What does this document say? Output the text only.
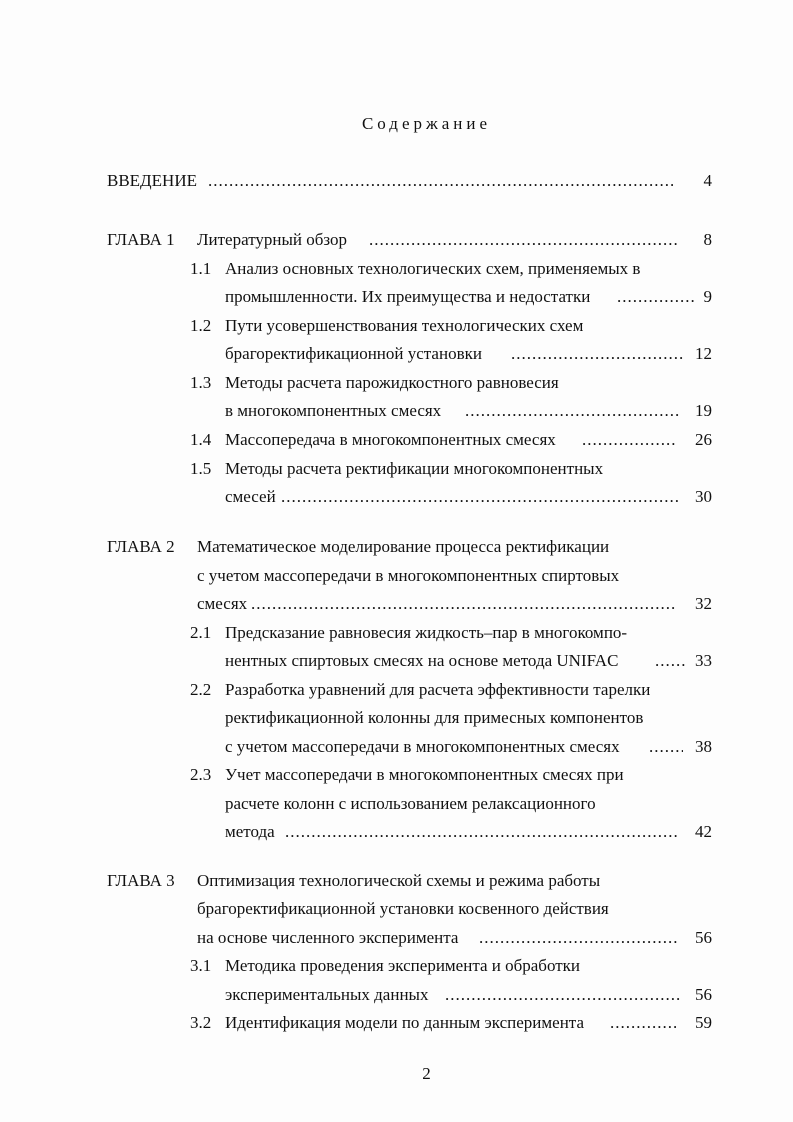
Содержание
ВВЕДЕНИЕ .....	4
ГЛАВА 1 Литературный обзор .....	8
1.1 Анализ основных технологических схем, применяемых в
промышленности. Их преимущества и недостатки .....	9
1.2 Пути усовершенствования технологических схем
брагоректификационной установки .....	12
1.3 Методы расчета парожидкостного равновесия
в многокомпонентных смесях .....	19
1.4 Массопередача в многокомпонентных смесях .....	26
1.5 Методы расчета ректификации многокомпонентных
смесей .....	30
ГЛАВА 2 Математическое моделирование процесса ректификации
с учетом массопередачи в многокомпонентных спиртовых
смесях .....	32
2.1 Предсказание равновесия жидкость–пар в многокомпо-
нентных спиртовых смесях на основе метода UNIFAC .....	33
2.2 Разработка уравнений для расчета эффективности тарелки
ректификационной колонны для примесных компонентов
с учетом массопередачи в многокомпонентных смесях .....	38
2.3 Учет массопередачи в многокомпонентных смесях при
расчете колонн с использованием релаксационного
метода .....	42
ГЛАВА 3 Оптимизация технологической схемы и режима работы
брагоректификационной установки косвенного действия
на основе численного эксперимента .....	56
3.1 Методика проведения эксперимента и обработки
экспериментальных данных .....	56
3.2 Идентификация модели по данным эксперимента .....	59
2
